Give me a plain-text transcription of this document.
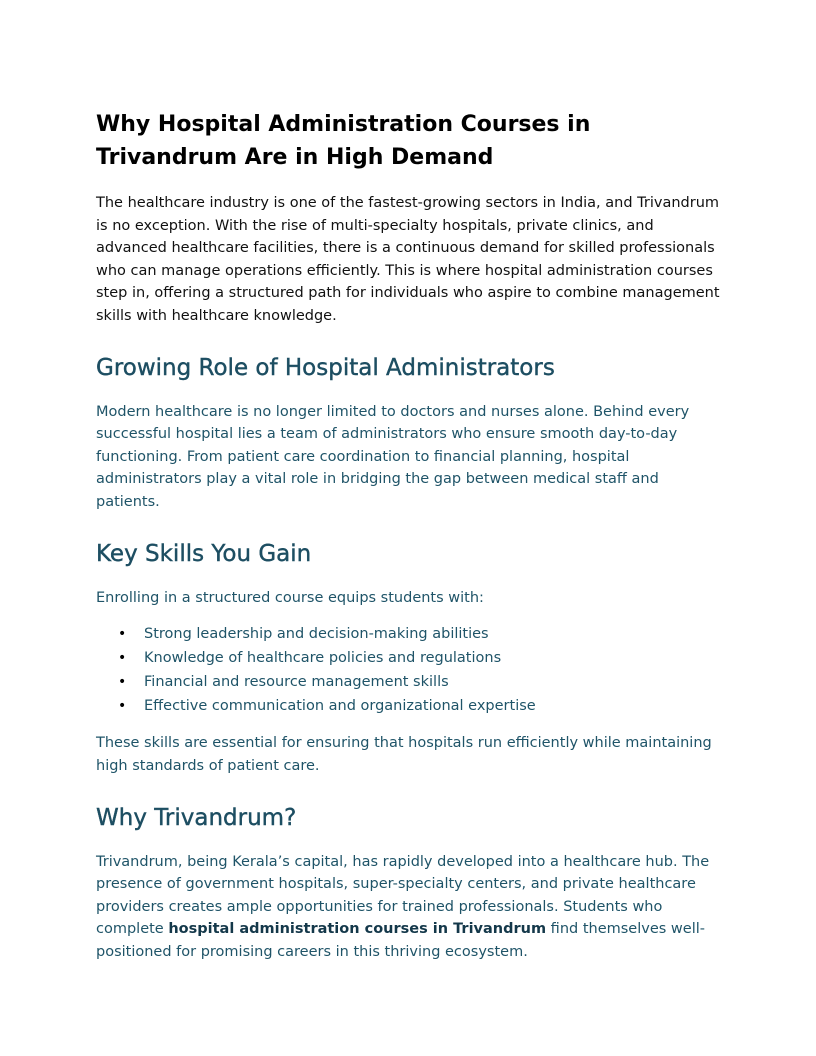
Why Hospital Administration Courses in Trivandrum Are in High Demand

The healthcare industry is one of the fastest-growing sectors in India, and Trivandrum is no exception. With the rise of multi-specialty hospitals, private clinics, and advanced healthcare facilities, there is a continuous demand for skilled professionals who can manage operations efficiently. This is where hospital administration courses step in, offering a structured path for individuals who aspire to combine management skills with healthcare knowledge.

Growing Role of Hospital Administrators

Modern healthcare is no longer limited to doctors and nurses alone. Behind every successful hospital lies a team of administrators who ensure smooth day-to-day functioning. From patient care coordination to financial planning, hospital administrators play a vital role in bridging the gap between medical staff and patients.

Key Skills You Gain

Enrolling in a structured course equips students with:

• Strong leadership and decision-making abilities
• Knowledge of healthcare policies and regulations
• Financial and resource management skills
• Effective communication and organizational expertise

These skills are essential for ensuring that hospitals run efficiently while maintaining high standards of patient care.

Why Trivandrum?

Trivandrum, being Kerala’s capital, has rapidly developed into a healthcare hub. The presence of government hospitals, super-specialty centers, and private healthcare providers creates ample opportunities for trained professionals. Students who complete hospital administration courses in Trivandrum find themselves well-positioned for promising careers in this thriving ecosystem.
